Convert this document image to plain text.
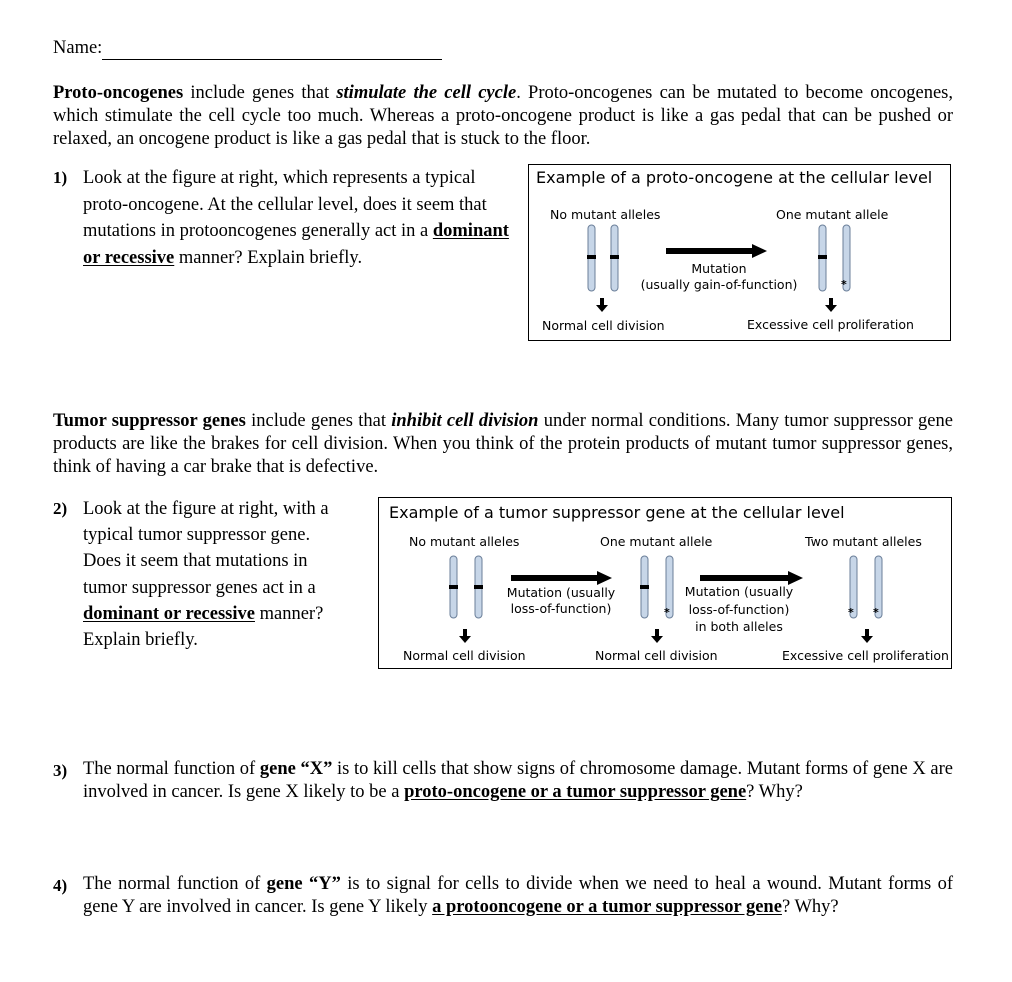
Name:
Proto-oncogenes include genes that stimulate the cell cycle. Proto-oncogenes can be mutated to become oncogenes, which stimulate the cell cycle too much. Whereas a proto-oncogene product is like a gas pedal that can be pushed or relaxed, an oncogene product is like a gas pedal that is stuck to the floor.
1) Look at the figure at right, which represents a typical proto-oncogene. At the cellular level, does it seem that mutations in protooncogenes generally act in a dominant or recessive manner? Explain briefly.
Example of a proto-oncogene at the cellular level
No mutant alleles	One mutant allele
Mutation
(usually gain-of-function)
Normal cell division	Excessive cell proliferation
*
Tumor suppressor genes include genes that inhibit cell division under normal conditions. Many tumor suppressor gene products are like the brakes for cell division. When you think of the protein products of mutant tumor suppressor genes, think of having a car brake that is defective.
2) Look at the figure at right, with a
typical tumor suppressor gene.
Does it seem that mutations in
tumor suppressor genes act in a
dominant or recessive manner?
Explain briefly.
Example of a tumor suppressor gene at the cellular level
No mutant alleles	One mutant allele	Two mutant alleles
Mutation (usually
loss-of-function)
Mutation (usually
loss-of-function)
in both alleles
Normal cell division	Normal cell division	Excessive cell proliferation
*	* *
3) The normal function of gene “X” is to kill cells that show signs of chromosome damage. Mutant forms of gene X are involved in cancer. Is gene X likely to be a proto-oncogene or a tumor suppressor gene? Why?
4) The normal function of gene “Y” is to signal for cells to divide when we need to heal a wound. Mutant forms of gene Y are involved in cancer. Is gene Y likely a protooncogene or a tumor suppressor gene? Why?
